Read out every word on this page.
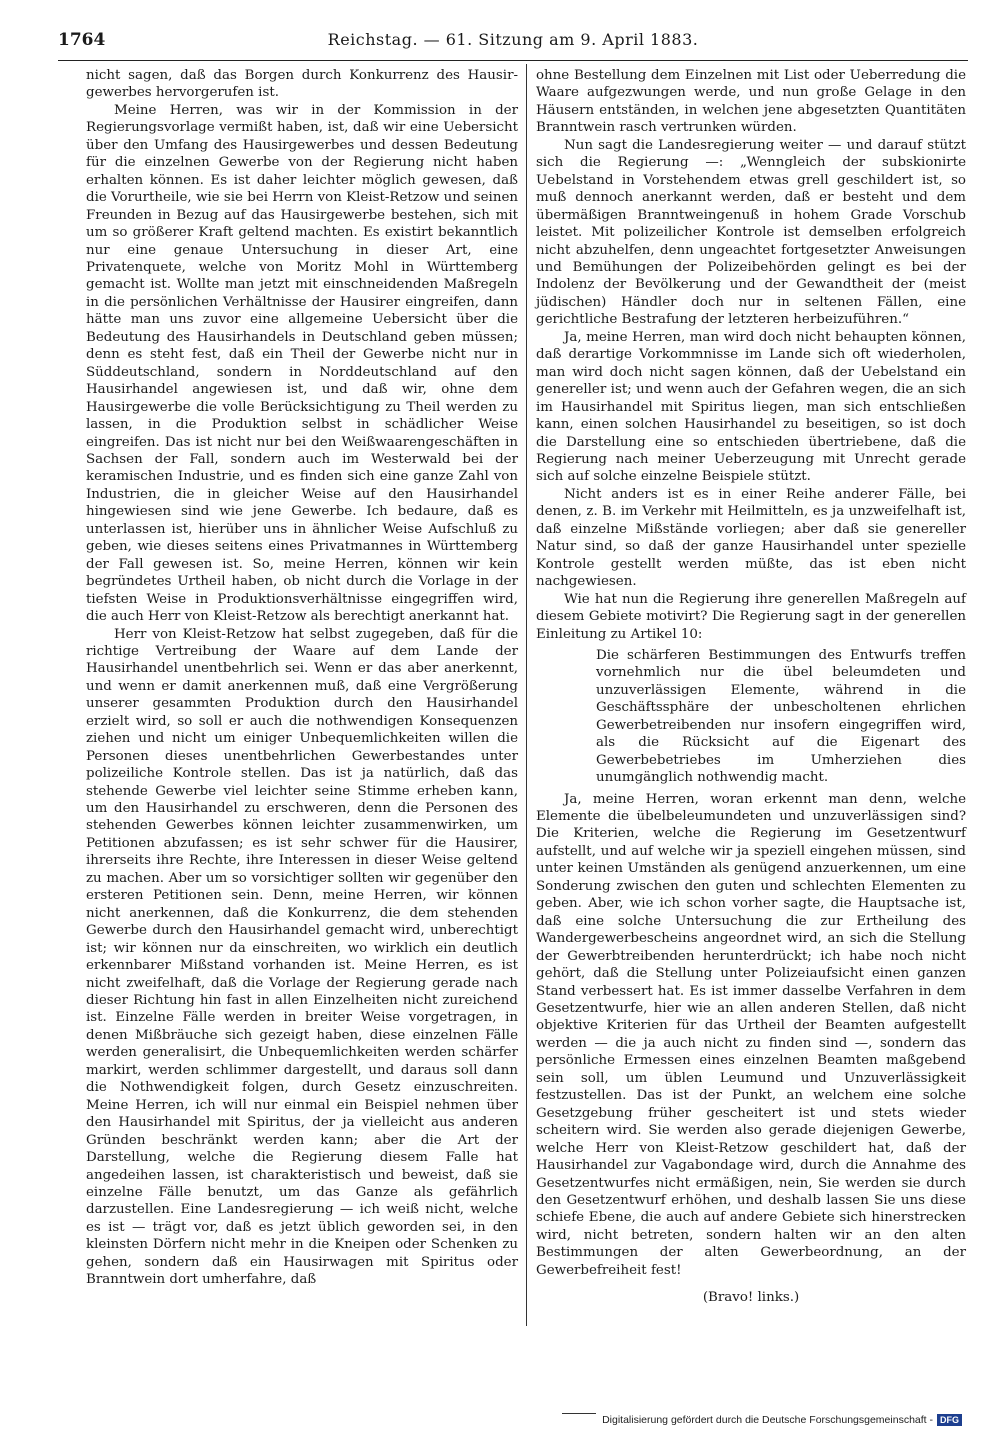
1764	Reichstag. — 61. Sitzung am 9. April 1883.

nicht sagen, daß das Borgen durch Konkurrenz des Hausir-gewerbes hervorgerufen ist.

Meine Herren, was wir in der Kommission in der Regierungsvorlage vermißt haben, ist, daß wir eine Uebersicht über den Umfang des Hausirgewerbes und dessen Bedeutung für die einzelnen Gewerbe von der Regierung nicht haben erhalten können. Es ist daher leichter möglich gewesen, daß die Vorurtheile, wie sie bei Herrn von Kleist-Retzow und seinen Freunden in Bezug auf das Hausirgewerbe bestehen, sich mit um so größerer Kraft geltend machten. Es existirt bekanntlich nur eine genaue Untersuchung in dieser Art, eine Privatenquete, welche von Moritz Mohl in Württemberg gemacht ist. Wollte man jetzt mit einschneidenden Maßregeln in die persönlichen Verhältnisse der Hausirer eingreifen, dann hätte man uns zuvor eine allgemeine Uebersicht über die Bedeutung des Hausirhandels in Deutschland geben müssen; denn es steht fest, daß ein Theil der Gewerbe nicht nur in Süddeutschland, sondern in Norddeutschland auf den Hausirhandel angewiesen ist, und daß wir, ohne dem Hausirgewerbe die volle Berücksichtigung zu Theil werden zu lassen, in die Produktion selbst in schädlicher Weise eingreifen. Das ist nicht nur bei den Weißwaarengeschäften in Sachsen der Fall, sondern auch im Westerwald bei der keramischen Industrie, und es finden sich eine ganze Zahl von Industrien, die in gleicher Weise auf den Hausirhandel hingewiesen sind wie jene Gewerbe. Ich bedaure, daß es unterlassen ist, hierüber uns in ähnlicher Weise Aufschluß zu geben, wie dieses seitens eines Privatmannes in Württemberg der Fall gewesen ist. So, meine Herren, können wir kein begründetes Urtheil haben, ob nicht durch die Vorlage in der tiefsten Weise in Produktionsverhältnisse eingegriffen wird, die auch Herr von Kleist-Retzow als berechtigt anerkannt hat.

Herr von Kleist-Retzow hat selbst zugegeben, daß für die richtige Vertreibung der Waare auf dem Lande der Hausirhandel unentbehrlich sei. Wenn er das aber anerkennt, und wenn er damit anerkennen muß, daß eine Vergrößerung unserer gesammten Produktion durch den Hausirhandel erzielt wird, so soll er auch die nothwendigen Konsequenzen ziehen und nicht um einiger Unbequemlichkeiten willen die Personen dieses unentbehrlichen Gewerbestandes unter polizeiliche Kontrole stellen. Das ist ja natürlich, daß das stehende Gewerbe viel leichter seine Stimme erheben kann, um den Hausirhandel zu erschweren, denn die Personen des stehenden Gewerbes können leichter zusammenwirken, um Petitionen abzufassen; es ist sehr schwer für die Hausirer, ihrerseits ihre Rechte, ihre Interessen in dieser Weise geltend zu machen. Aber um so vorsichtiger sollten wir gegenüber den ersteren Petitionen sein. Denn, meine Herren, wir können nicht anerkennen, daß die Konkurrenz, die dem stehenden Gewerbe durch den Hausirhandel gemacht wird, unberechtigt ist; wir können nur da einschreiten, wo wirklich ein deutlich erkennbarer Mißstand vorhanden ist. Meine Herren, es ist nicht zweifelhaft, daß die Vorlage der Regierung gerade nach dieser Richtung hin fast in allen Einzelheiten nicht zureichend ist. Einzelne Fälle werden in breiter Weise vorgetragen, in denen Mißbräuche sich gezeigt haben, diese einzelnen Fälle werden generalisirt, die Unbequemlichkeiten werden schärfer markirt, werden schlimmer dargestellt, und daraus soll dann die Nothwendigkeit folgen, durch Gesetz einzuschreiten. Meine Herren, ich will nur einmal ein Beispiel nehmen über den Hausirhandel mit Spiritus, der ja vielleicht aus anderen Gründen beschränkt werden kann; aber die Art der Darstellung, welche die Regierung diesem Falle hat angedeihen lassen, ist charakteristisch und beweist, daß sie einzelne Fälle benutzt, um das Ganze als gefährlich darzustellen. Eine Landesregierung — ich weiß nicht, welche es ist — trägt vor, daß es jetzt üblich geworden sei, in den kleinsten Dörfern nicht mehr in die Kneipen oder Schenken zu gehen, sondern daß ein Hausirwagen mit Spiritus oder Branntwein dort umherfahre, daß

ohne Bestellung dem Einzelnen mit List oder Ueberredung die Waare aufgezwungen werde, und nun große Gelage in den Häusern entständen, in welchen jene abgesetzten Quantitäten Branntwein rasch vertrunken würden.

Nun sagt die Landesregierung weiter — und darauf stützt sich die Regierung —: „Wenngleich der subskionirte Uebelstand in Vorstehendem etwas grell geschildert ist, so muß dennoch anerkannt werden, daß er besteht und dem übermäßigen Branntweingenuß in hohem Grade Vorschub leistet. Mit polizeilicher Kontrole ist demselben erfolgreich nicht abzuhelfen, denn ungeachtet fortgesetzter Anweisungen und Bemühungen der Polizeibehörden gelingt es bei der Indolenz der Bevölkerung und der Gewandtheit der (meist jüdischen) Händler doch nur in seltenen Fällen, eine gerichtliche Bestrafung der letzteren herbeizuführen.“

Ja, meine Herren, man wird doch nicht behaupten können, daß derartige Vorkommnisse im Lande sich oft wiederholen, man wird doch nicht sagen können, daß der Uebelstand ein genereller ist; und wenn auch der Gefahren wegen, die an sich im Hausirhandel mit Spiritus liegen, man sich entschließen kann, einen solchen Hausirhandel zu beseitigen, so ist doch die Darstellung eine so entschieden übertriebene, daß die Regierung nach meiner Ueberzeugung mit Unrecht gerade sich auf solche einzelne Beispiele stützt.

Nicht anders ist es in einer Reihe anderer Fälle, bei denen, z. B. im Verkehr mit Heilmitteln, es ja unzweifelhaft ist, daß einzelne Mißstände vorliegen; aber daß sie genereller Natur sind, so daß der ganze Hausirhandel unter spezielle Kontrole gestellt werden müßte, das ist eben nicht nachgewiesen.

Wie hat nun die Regierung ihre generellen Maßregeln auf diesem Gebiete motivirt? Die Regierung sagt in der generellen Einleitung zu Artikel 10:

Die schärferen Bestimmungen des Entwurfs treffen vornehmlich nur die übel beleumdeten und unzuverlässigen Elemente, während in die Geschäftssphäre der unbescholtenen ehrlichen Gewerbetreibenden nur insofern eingegriffen wird, als die Rücksicht auf die Eigenart des Gewerbebetriebes im Umherziehen dies unumgänglich nothwendig macht.

Ja, meine Herren, woran erkennt man denn, welche Elemente die übelbeleumundeten und unzuverlässigen sind? Die Kriterien, welche die Regierung im Gesetzentwurf aufstellt, und auf welche wir ja speziell eingehen müssen, sind unter keinen Umständen als genügend anzuerkennen, um eine Sonderung zwischen den guten und schlechten Elementen zu geben. Aber, wie ich schon vorher sagte, die Hauptsache ist, daß eine solche Untersuchung die zur Ertheilung des Wandergewerbescheins angeordnet wird, an sich die Stellung der Gewerbtreibenden herunterdrückt; ich habe noch nicht gehört, daß die Stellung unter Polizeiaufsicht einen ganzen Stand verbessert hat. Es ist immer dasselbe Verfahren in dem Gesetzentwurfe, hier wie an allen anderen Stellen, daß nicht objektive Kriterien für das Urtheil der Beamten aufgestellt werden — die ja auch nicht zu finden sind —, sondern das persönliche Ermessen eines einzelnen Beamten maßgebend sein soll, um üblen Leumund und Unzuverlässigkeit festzustellen. Das ist der Punkt, an welchem eine solche Gesetzgebung früher gescheitert ist und stets wieder scheitern wird. Sie werden also gerade diejenigen Gewerbe, welche Herr von Kleist-Retzow geschildert hat, daß der Hausirhandel zur Vagabondage wird, durch die Annahme des Gesetzentwurfes nicht ermäßigen, nein, Sie werden sie durch den Gesetzentwurf erhöhen, und deshalb lassen Sie uns diese schiefe Ebene, die auch auf andere Gebiete sich hinerstrecken wird, nicht betreten, sondern halten wir an den alten Bestimmungen der alten Gewerbeordnung, an der Gewerbefreiheit fest!

(Bravo! links.)

Digitalisierung gefördert durch die Deutsche Forschungsgemeinschaft - DFG
